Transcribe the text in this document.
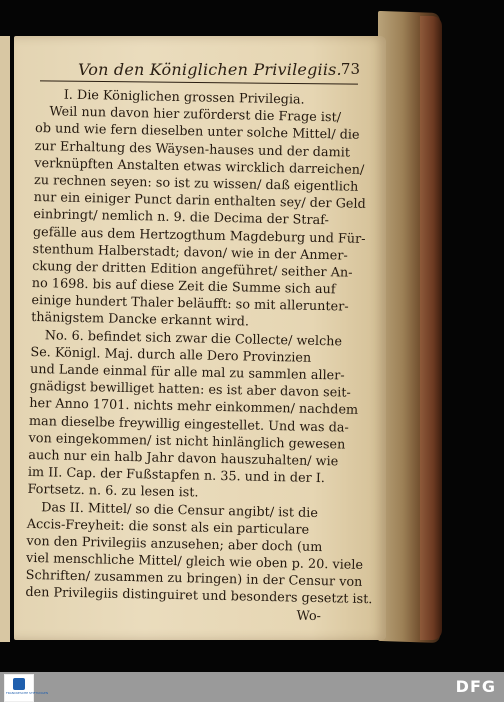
Von den Königlichen Privilegiis. 73
I. Die Königlichen grossen Privilegia.
Weil nun davon hier zuförderst die Frage ist/
ob und wie fern dieselben unter solche Mittel/ die
zur Erhaltung des Wäysen-hauses und der damit
verknüpften Anstalten etwas wircklich darreichen/
zu rechnen seyen: so ist zu wissen/ daß eigentlich
nur ein einiger Punct darin enthalten sey/ der Geld
einbringt/ nemlich n. 9. die Decima der Straf-
gefälle aus dem Hertzogthum Magdeburg und Für-
stenthum Halberstadt; davon/ wie in der Anmer-
ckung der dritten Edition angeführet/ seither An-
no 1698. bis auf diese Zeit die Summe sich auf
einige hundert Thaler beläufft: so mit allerunter-
thänigstem Dancke erkannt wird.
No. 6. befindet sich zwar die Collecte/ welche
Se. Königl. Maj. durch alle Dero Provinzien
und Lande einmal für alle mal zu sammlen aller-
gnädigst bewilliget hatten: es ist aber davon seit-
her Anno 1701. nichts mehr einkommen/ nachdem
man dieselbe freywillig eingestellet. Und was da-
von eingekommen/ ist nicht hinlänglich gewesen
auch nur ein halb Jahr davon hauszuhalten/ wie
im II. Cap. der Fußstapfen n. 35. und in der I.
Fortsetz. n. 6. zu lesen ist.
Das II. Mittel/ so die Censur angibt/ ist die
Accis-Freyheit: die sonst als ein particulare
von den Privilegiis anzusehen; aber doch (um
viel menschliche Mittel/ gleich wie oben p. 20. viele
Schriften/ zusammen zu bringen) in der Censur von
den Privilegiis distinguiret und besonders gesetzt ist.
Wo-
FRANCKESCHE STIFTUNGEN	DFG
